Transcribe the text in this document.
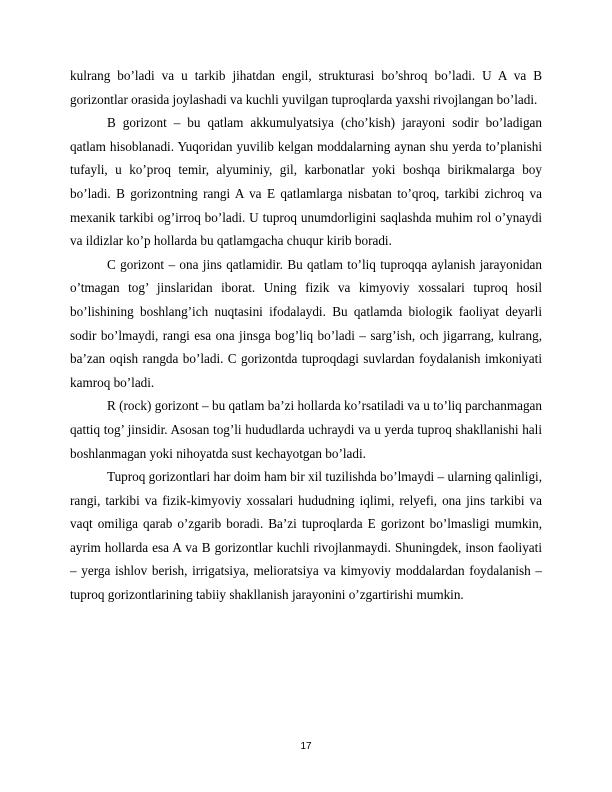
kulrang bo’ladi va u tarkib jihatdan engil, strukturasi bo’shroq bo’ladi. U A va B gorizontlar orasida joylashadi va kuchli yuvilgan tuproqlarda yaxshi rivojlangan bo’ladi.

B gorizont – bu qatlam akkumulyatsiya (cho’kish) jarayoni sodir bo’ladigan qatlam hisoblanadi. Yuqoridan yuvilib kelgan moddalarning aynan shu yerda to’planishi tufayli, u ko’proq temir, alyuminiy, gil, karbonatlar yoki boshqa birikmalarga boy bo’ladi. B gorizontning rangi A va E qatlamlarga nisbatan to’qroq, tarkibi zichroq va mexanik tarkibi og’irroq bo’ladi. U tuproq unumdorligini saqlashda muhim rol o’ynaydi va ildizlar ko’p hollarda bu qatlamgacha chuqur kirib boradi.

C gorizont – ona jins qatlamidir. Bu qatlam to’liq tuproqqa aylanish jarayonidan o’tmagan tog’ jinslaridan iborat. Uning fizik va kimyoviy xossalari tuproq hosil bo’lishining boshlang’ich nuqtasini ifodalaydi. Bu qatlamda biologik faoliyat deyarli sodir bo’lmaydi, rangi esa ona jinsga bog’liq bo’ladi – sarg’ish, och jigarrang, kulrang, ba’zan oqish rangda bo’ladi. C gorizontda tuproqdagi suvlardan foydalanish imkoniyati kamroq bo’ladi.

R (rock) gorizont – bu qatlam ba’zi hollarda ko’rsatiladi va u to’liq parchanmagan qattiq tog’ jinsidir. Asosan tog’li hududlarda uchraydi va u yerda tuproq shakllanishi hali boshlanmagan yoki nihoyatda sust kechayotgan bo’ladi.

Tuproq gorizontlari har doim ham bir xil tuzilishda bo’lmaydi – ularning qalinligi, rangi, tarkibi va fizik-kimyoviy xossalari hududning iqlimi, relyefi, ona jins tarkibi va vaqt omiliga qarab o’zgarib boradi. Ba’zi tuproqlarda E gorizont bo’lmasligi mumkin, ayrim hollarda esa A va B gorizontlar kuchli rivojlanmaydi. Shuningdek, inson faoliyati – yerga ishlov berish, irrigatsiya, melioratsiya va kimyoviy moddalardan foydalanish – tuproq gorizontlarining tabiiy shakllanish jarayonini o’zgartirishi mumkin.

17
